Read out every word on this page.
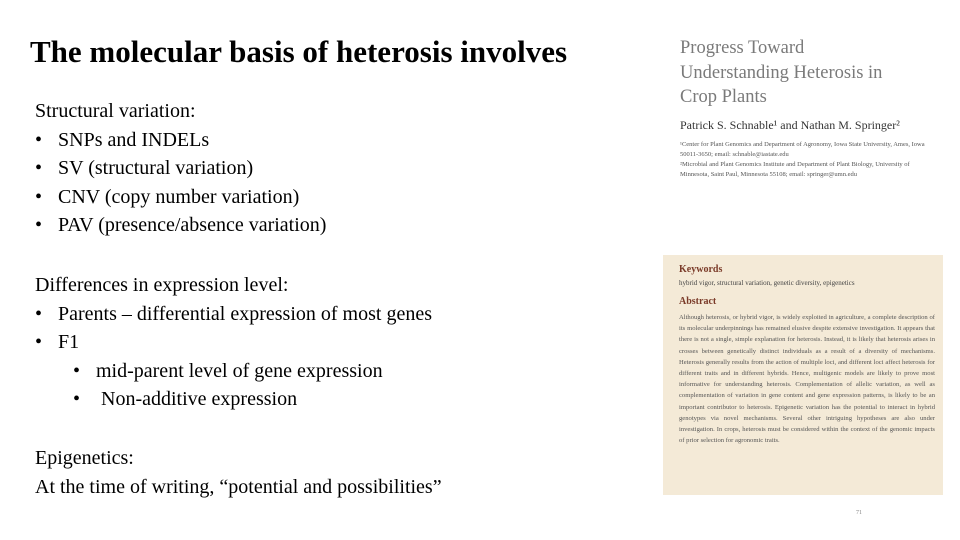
The molecular basis of heterosis involves
Structural variation:
• SNPs and INDELs
• SV (structural variation)
• CNV (copy number variation)
• PAV (presence/absence variation)
Differences in expression level:
• Parents – differential expression of most genes
• F1
• mid-parent level of gene expression
• Non-additive expression
Epigenetics:
At the time of writing, “potential and possibilities”
Progress Toward Understanding Heterosis in Crop Plants
Patrick S. Schnable¹ and Nathan M. Springer²
¹Center for Plant Genomics and Department of Agronomy, Iowa State University, Ames, Iowa 50011-3650; email: schnable@iastate.edu
²Microbial and Plant Genomics Institute and Department of Plant Biology, University of Minnesota, Saint Paul, Minnesota 55108; email: springer@umn.edu
Keywords
hybrid vigor, structural variation, genetic diversity, epigenetics
Abstract
Although heterosis, or hybrid vigor, is widely exploited in agriculture, a complete description of its molecular underpinnings has remained elusive despite extensive investigation. It appears that there is not a single, simple explanation for heterosis. Instead, it is likely that heterosis arises in crosses between genetically distinct individuals as a result of a diversity of mechanisms. Heterosis generally results from the action of multiple loci, and different loci affect heterosis for different traits and in different hybrids. Hence, multigenic models are likely to prove most informative for understanding heterosis. Complementation of allelic variation, as well as complementation of variation in gene content and gene expression patterns, is likely to be an important contributor to heterosis. Epigenetic variation has the potential to interact in hybrid genotypes via novel mechanisms. Several other intriguing hypotheses are also under investigation. In crops, heterosis must be considered within the context of the genomic impacts of prior selection for agronomic traits.
71
